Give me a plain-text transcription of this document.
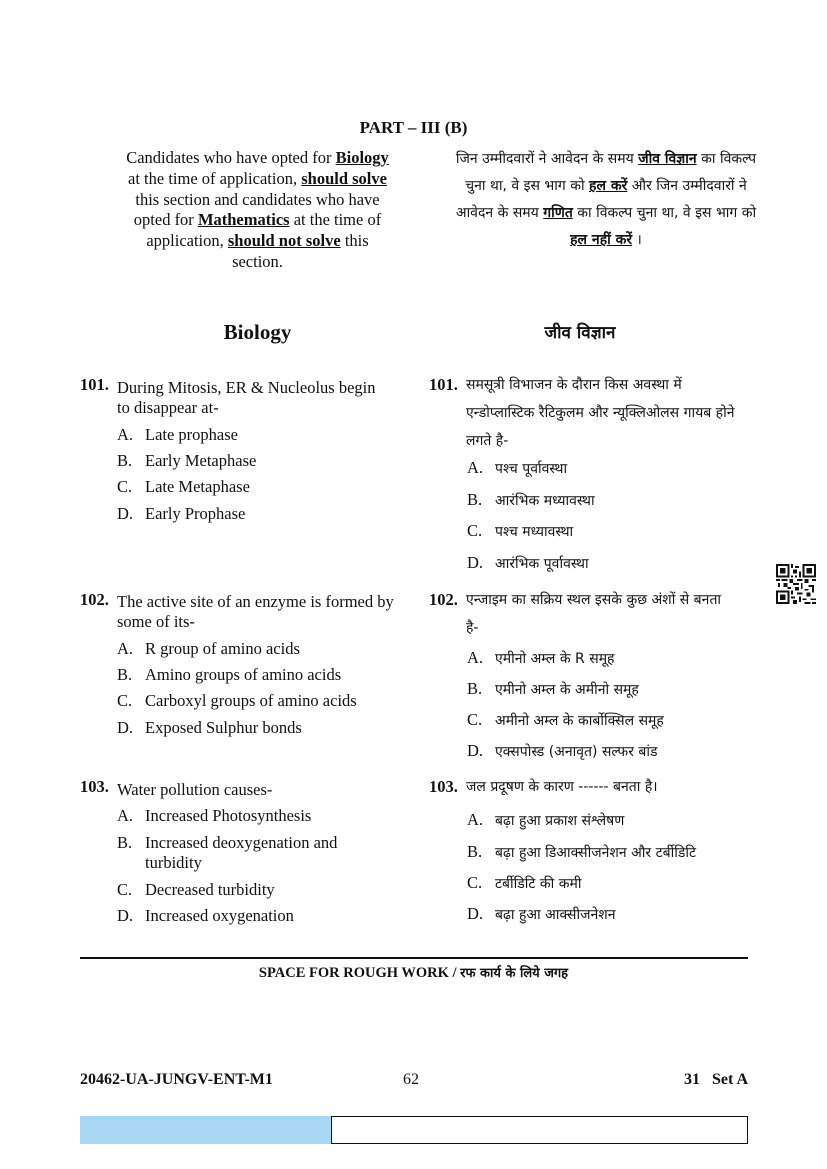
PART – III (B)
Candidates who have opted for Biology at the time of application, should solve this section and candidates who have opted for Mathematics at the time of application, should not solve this section.
जिन उम्मीदवारों ने आवेदन के समय जीव विज्ञान का विकल्प चुना था, वे इस भाग को हल करें और जिन उम्मीदवारों ने आवेदन के समय गणित का विकल्प चुना था, वे इस भाग को हल नहीं करें ।
Biology	जीव विज्ञान
101. During Mitosis, ER & Nucleolus begin to disappear at-
A. Late prophase
B. Early Metaphase
C. Late Metaphase
D. Early Prophase
102. The active site of an enzyme is formed by some of its-
A. R group of amino acids
B. Amino groups of amino acids
C. Carboxyl groups of amino acids
D. Exposed Sulphur bonds
103. Water pollution causes-
A. Increased Photosynthesis
B. Increased deoxygenation and turbidity
C. Decreased turbidity
D. Increased oxygenation
101. समसूत्री विभाजन के दौरान किस अवस्था में एन्डोप्लास्टिक रैटिकुलम और न्यूक्लिओलस गायब होने लगते है-
A. पश्च पूर्वावस्था
B. आरंभिक मध्यावस्था
C. पश्च मध्यावस्था
D. आरंभिक पूर्वावस्था
102. एन्जाइम का सक्रिय स्थल इसके कुछ अंशों से बनता है-
A. एमीनो अम्ल के R समूह
B. एमीनो अम्ल के अमीनो समूह
C. अमीनो अम्ल के कार्बोक्सिल समूह
D. एक्सपोस्ड (अनावृत) सल्फर बांड
103. जल प्रदूषण के कारण ------ बनता है।
A. बढ़ा हुआ प्रकाश संश्लेषण
B. बढ़ा हुआ डिआक्सीजनेशन और टर्बीडिटि
C. टर्बीडिटि की कमी
D. बढ़ा हुआ आक्सीजनेशन
SPACE FOR ROUGH WORK / रफ कार्य के लिये जगह
20462-UA-JUNGV-ENT-M1	62	31   Set A
